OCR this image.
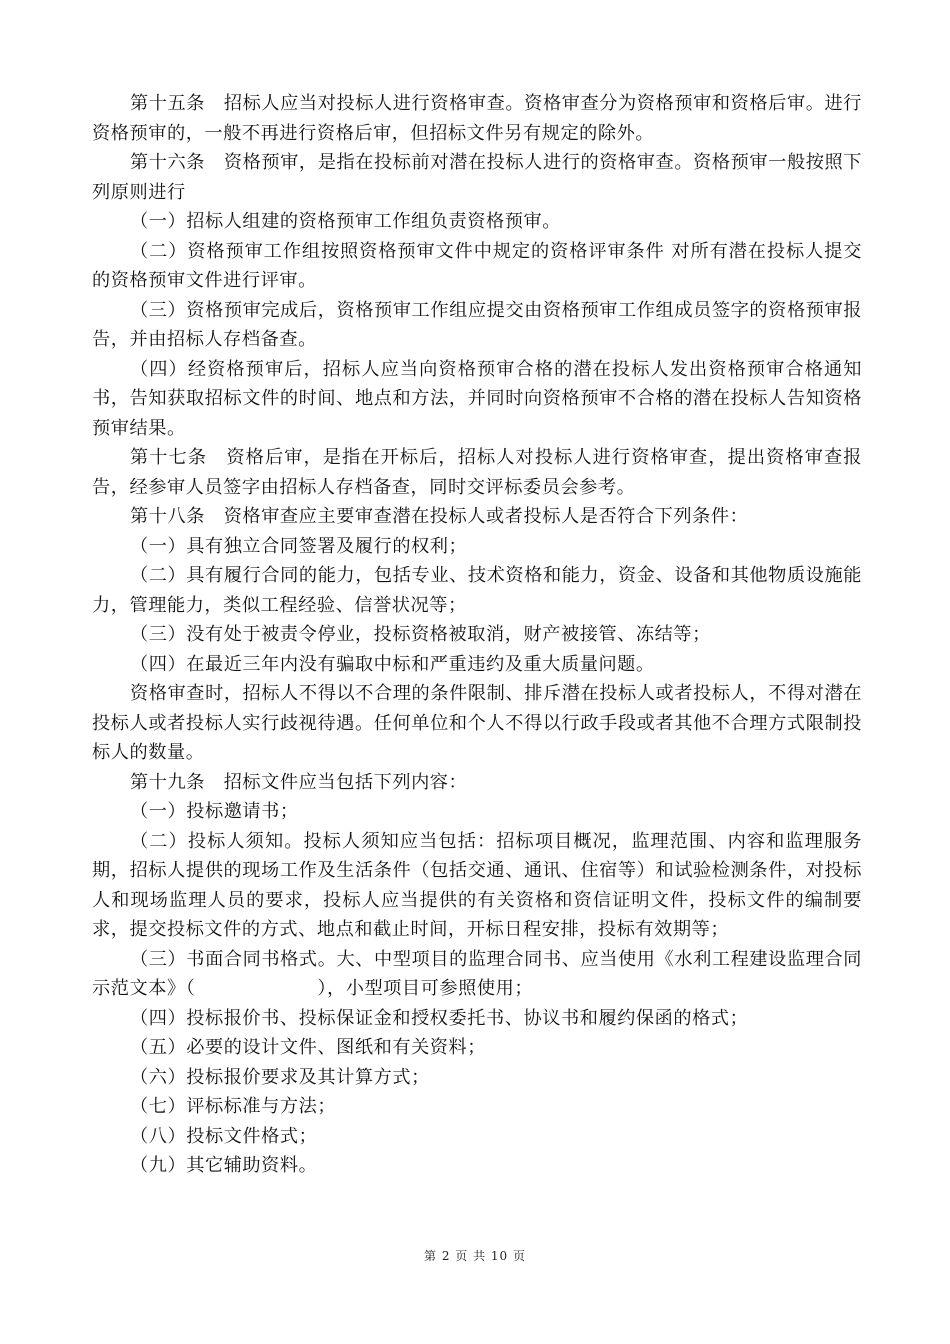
第十五条　招标人应当对投标人进行资格审查。资格审查分为资格预审和资格后审。进行资格预审的，一般不再进行资格后审，但招标文件另有规定的除外。

第十六条　资格预审，是指在投标前对潜在投标人进行的资格审查。资格预审一般按照下列原则进行

（一）招标人组建的资格预审工作组负责资格预审。

（二）资格预审工作组按照资格预审文件中规定的资格评审条件 对所有潜在投标人提交的资格预审文件进行评审。

（三）资格预审完成后，资格预审工作组应提交由资格预审工作组成员签字的资格预审报告，并由招标人存档备查。

（四）经资格预审后，招标人应当向资格预审合格的潜在投标人发出资格预审合格通知书，告知获取招标文件的时间、地点和方法，并同时向资格预审不合格的潜在投标人告知资格预审结果。

第十七条　资格后审，是指在开标后，招标人对投标人进行资格审查，提出资格审查报告，经参审人员签字由招标人存档备查，同时交评标委员会参考。

第十八条　资格审查应主要审查潜在投标人或者投标人是否符合下列条件：

（一）具有独立合同签署及履行的权利；

（二）具有履行合同的能力，包括专业、技术资格和能力，资金、设备和其他物质设施能力，管理能力，类似工程经验、信誉状况等；

（三）没有处于被责令停业，投标资格被取消，财产被接管、冻结等；

（四）在最近三年内没有骗取中标和严重违约及重大质量问题。

资格审查时，招标人不得以不合理的条件限制、排斥潜在投标人或者投标人，不得对潜在投标人或者投标人实行歧视待遇。任何单位和个人不得以行政手段或者其他不合理方式限制投标人的数量。

第十九条　招标文件应当包括下列内容：

（一）投标邀请书；

（二）投标人须知。投标人须知应当包括：招标项目概况，监理范围、内容和监理服务期，招标人提供的现场工作及生活条件（包括交通、通讯、住宿等）和试验检测条件，对投标人和现场监理人员的要求，投标人应当提供的有关资格和资信证明文件，投标文件的编制要求，提交投标文件的方式、地点和截止时间，开标日程安排，投标有效期等；

（三）书面合同书格式。大、中型项目的监理合同书、应当使用《水利工程建设监理合同示范文本》（	），小型项目可参照使用；

（四）投标报价书、投标保证金和授权委托书、协议书和履约保函的格式；

（五）必要的设计文件、图纸和有关资料；

（六）投标报价要求及其计算方式；

（七）评标标准与方法；

（八）投标文件格式；

（九）其它辅助资料。

第 2 页 共 10 页
